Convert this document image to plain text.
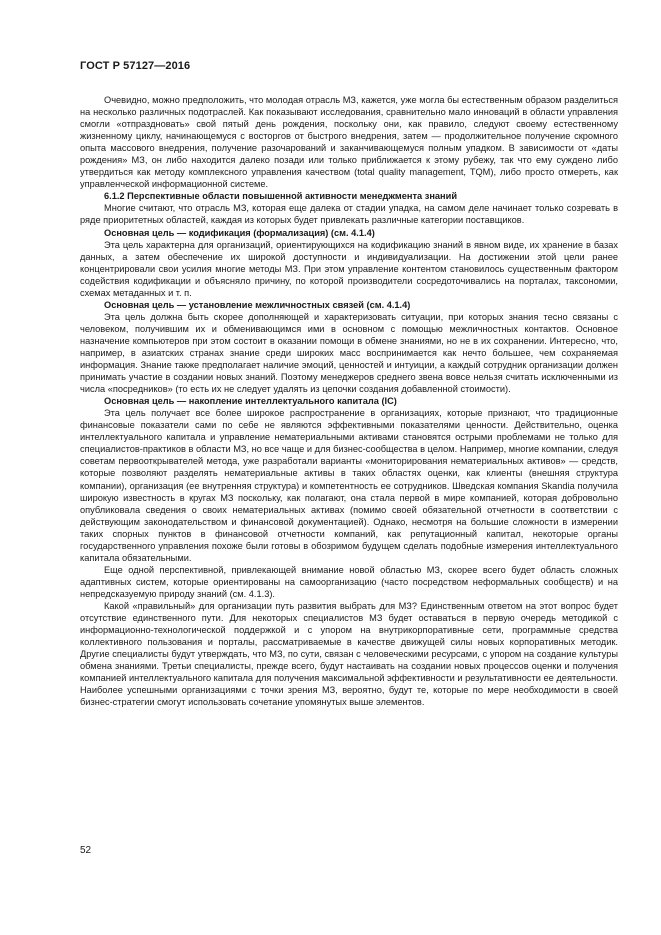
ГОСТ Р 57127—2016

Очевидно, можно предположить, что молодая отрасль МЗ, кажется, уже могла бы естественным образом разделиться на несколько различных подотраслей. Как показывают исследования, сравнительно мало инноваций в области управления смогли «отпраздновать» свой пятый день рождения, поскольку они, как правило, следуют своему естественному жизненному циклу, начинающемуся с восторгов от быстрого внедрения, затем — продолжительное получение скромного опыта массового внедрения, получение разочарований и заканчивающемуся полным упадком. В зависимости от «даты рождения» МЗ, он либо находится далеко позади или только приближается к этому рубежу, так что ему суждено либо утвердиться как методу комплексного управления качеством (total quality management, TQM), либо просто отмереть, как управленческой информационной системе.

6.1.2 Перспективные области повышенной активности менеджмента знаний

Многие считают, что отрасль МЗ, которая еще далека от стадии упадка, на самом деле начинает только созревать в ряде приоритетных областей, каждая из которых будет привлекать различные категории поставщиков.

Основная цель — кодификация (формализация) (см. 4.1.4)

Эта цель характерна для организаций, ориентирующихся на кодификацию знаний в явном виде, их хранение в базах данных, а затем обеспечение их широкой доступности и индивидуализации. На достижении этой цели ранее концентрировали свои усилия многие методы МЗ. При этом управление контентом становилось существенным фактором содействия кодификации и объясняло причину, по которой производители сосредоточивались на порталах, таксономии, схемах метаданных и т. п.

Основная цель — установление межличностных связей (см. 4.1.4)

Эта цель должна быть скорее дополняющей и характеризовать ситуации, при которых знания тесно связаны с человеком, получившим их и обменивающимся ими в основном с помощью межличностных контактов. Основное назначение компьютеров при этом состоит в оказании помощи в обмене знаниями, но не в их сохранении. Интересно, что, например, в азиатских странах знание среди широких масс воспринимается как нечто большее, чем сохраняемая информация. Знание также предполагает наличие эмоций, ценностей и интуиции, а каждый сотрудник организации должен принимать участие в создании новых знаний. Поэтому менеджеров среднего звена вовсе нельзя считать исключенными из числа «посредников» (то есть их не следует удалять из цепочки создания добавленной стоимости).

Основная цель — накопление интеллектуального капитала (IC)

Эта цель получает все более широкое распространение в организациях, которые признают, что традиционные финансовые показатели сами по себе не являются эффективными показателями ценности. Действительно, оценка интеллектуального капитала и управление нематериальными активами становятся острыми проблемами не только для специалистов-практиков в области МЗ, но все чаще и для бизнес-сообщества в целом. Например, многие компании, следуя советам первооткрывателей метода, уже разработали варианты «мониторирования нематериальных активов» — средств, которые позволяют разделять нематериальные активы в таких областях оценки, как клиенты (внешняя структура компании), организация (ее внутренняя структура) и компетентность ее сотрудников. Шведская компания Skandia получила широкую известность в кругах МЗ поскольку, как полагают, она стала первой в мире компанией, которая добровольно опубликовала сведения о своих нематериальных активах (помимо своей обязательной отчетности в соответствии с действующим законодательством и финансовой документацией). Однако, несмотря на большие сложности в измерении таких спорных пунктов в финансовой отчетности компаний, как репутационный капитал, некоторые органы государственного управления похоже были готовы в обозримом будущем сделать подобные измерения интеллектуального капитала обязательными.

Еще одной перспективной, привлекающей внимание новой областью МЗ, скорее всего будет область сложных адаптивных систем, которые ориентированы на самоорганизацию (часто посредством неформальных сообществ) и на непредсказуемую природу знаний (см. 4.1.3).

Какой «правильный» для организации путь развития выбрать для МЗ? Единственным ответом на этот вопрос будет отсутствие единственного пути. Для некоторых специалистов МЗ будет оставаться в первую очередь методикой с информационно-технологической поддержкой и с упором на внутрикорпоративные сети, программные средства коллективного пользования и порталы, рассматриваемые в качестве движущей силы новых корпоративных методик. Другие специалисты будут утверждать, что МЗ, по сути, связан с человеческими ресурсами, с упором на создание культуры обмена знаниями. Третьи специалисты, прежде всего, будут настаивать на создании новых процессов оценки и получения компанией интеллектуального капитала для получения максимальной эффективности и результативности ее деятельности. Наиболее успешными организациями с точки зрения МЗ, вероятно, будут те, которые по мере необходимости в своей бизнес-стратегии смогут использовать сочетание упомянутых выше элементов.

52
